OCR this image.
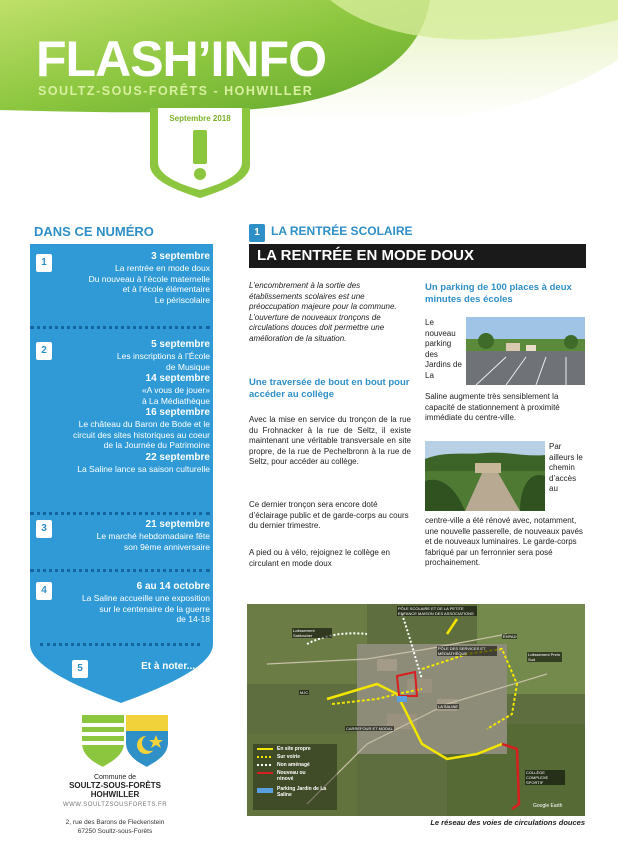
FLASH’INFO
SOULTZ-SOUS-FORÊTS - HOHWILLER
Septembre 2018
DANS CE NUMÉRO
1
3 septembre
La rentrée en mode doux
Du nouveau à l’école maternelle
et à l’école élémentaire
Le périscolaire
2
5 septembre
Les inscriptions à l’École
de Musique
14 septembre
«A vous de jouer»
à La Médiathèque
16 septembre
Le château du Baron de Bode et le
circuit des sites historiques au coeur
de la Journée du Patrimoine
22 septembre
La Saline lance sa saison culturelle
3	21 septembre
Le marché hebdomadaire fête
son 9ème anniversaire
4	6 au 14 octobre
La Saline accueille une exposition
sur le centenaire de la guerre
de 14-18
5	Et à noter...
Commune de
SOULTZ-SOUS-FORÊTS
HOHWILLER
WWW.SOULTZSOUSFORETS.FR
2, rue des Barons de Fleckenstein
67250 Soultz-sous-Forêts
1 LA RENTRÉE SCOLAIRE
LA RENTRÉE EN MODE DOUX
L’encombrement à la sortie des établissements scolaires est une préoccupation majeure pour la commune. L’ouverture de nouveaux tronçons de circulations douces doit permettre une amélioration de la situation.
Une traversée de bout en bout pour accéder au collège
Avec la mise en service du tronçon de la rue du Frohnacker à la rue de Seltz, il existe maintenant une véritable transversale en site propre, de la rue de Pechelbronn à la rue de Seltz, pour accéder au collège.
Ce dernier tronçon sera encore doté d’éclairage public et de garde-corps au cours du dernier trimestre.
A pied ou à vélo, rejoignez le collège en circulant en mode doux
Un parking de 100 places à deux minutes des écoles
Le nouveau parking des Jardins de La
Saline augmente très sensiblement la capacité de stationnement à proximité immédiate du centre-ville.
Par ailleurs le chemin d’accès au
centre-ville a été rénové avec, notamment, une nouvelle passerelle, de nouveaux pavés et de nouveaux luminaires. Le garde-corps fabriqué par un ferronnier sera posé prochainement.
PÔLE SCOLAIRE ET DE LA PETITE ENFANCE MAISON DES ASSOCIATIONS
EHPAD
Lotissement Sabbacher
Lotissement Prein Sud
PÔLE DES SERVICES ET MÉDIATHÈQUE
MJC
LA SALINE
CARREFOUR ET MODAL
COLLÈGE COMPLEXE SPORTIF
Google Earth
En site propre
Sur voirie
Non aménagé
Nouveau ou rénové
Parking Jardin de La Saline
Le réseau des voies de circulations douces
